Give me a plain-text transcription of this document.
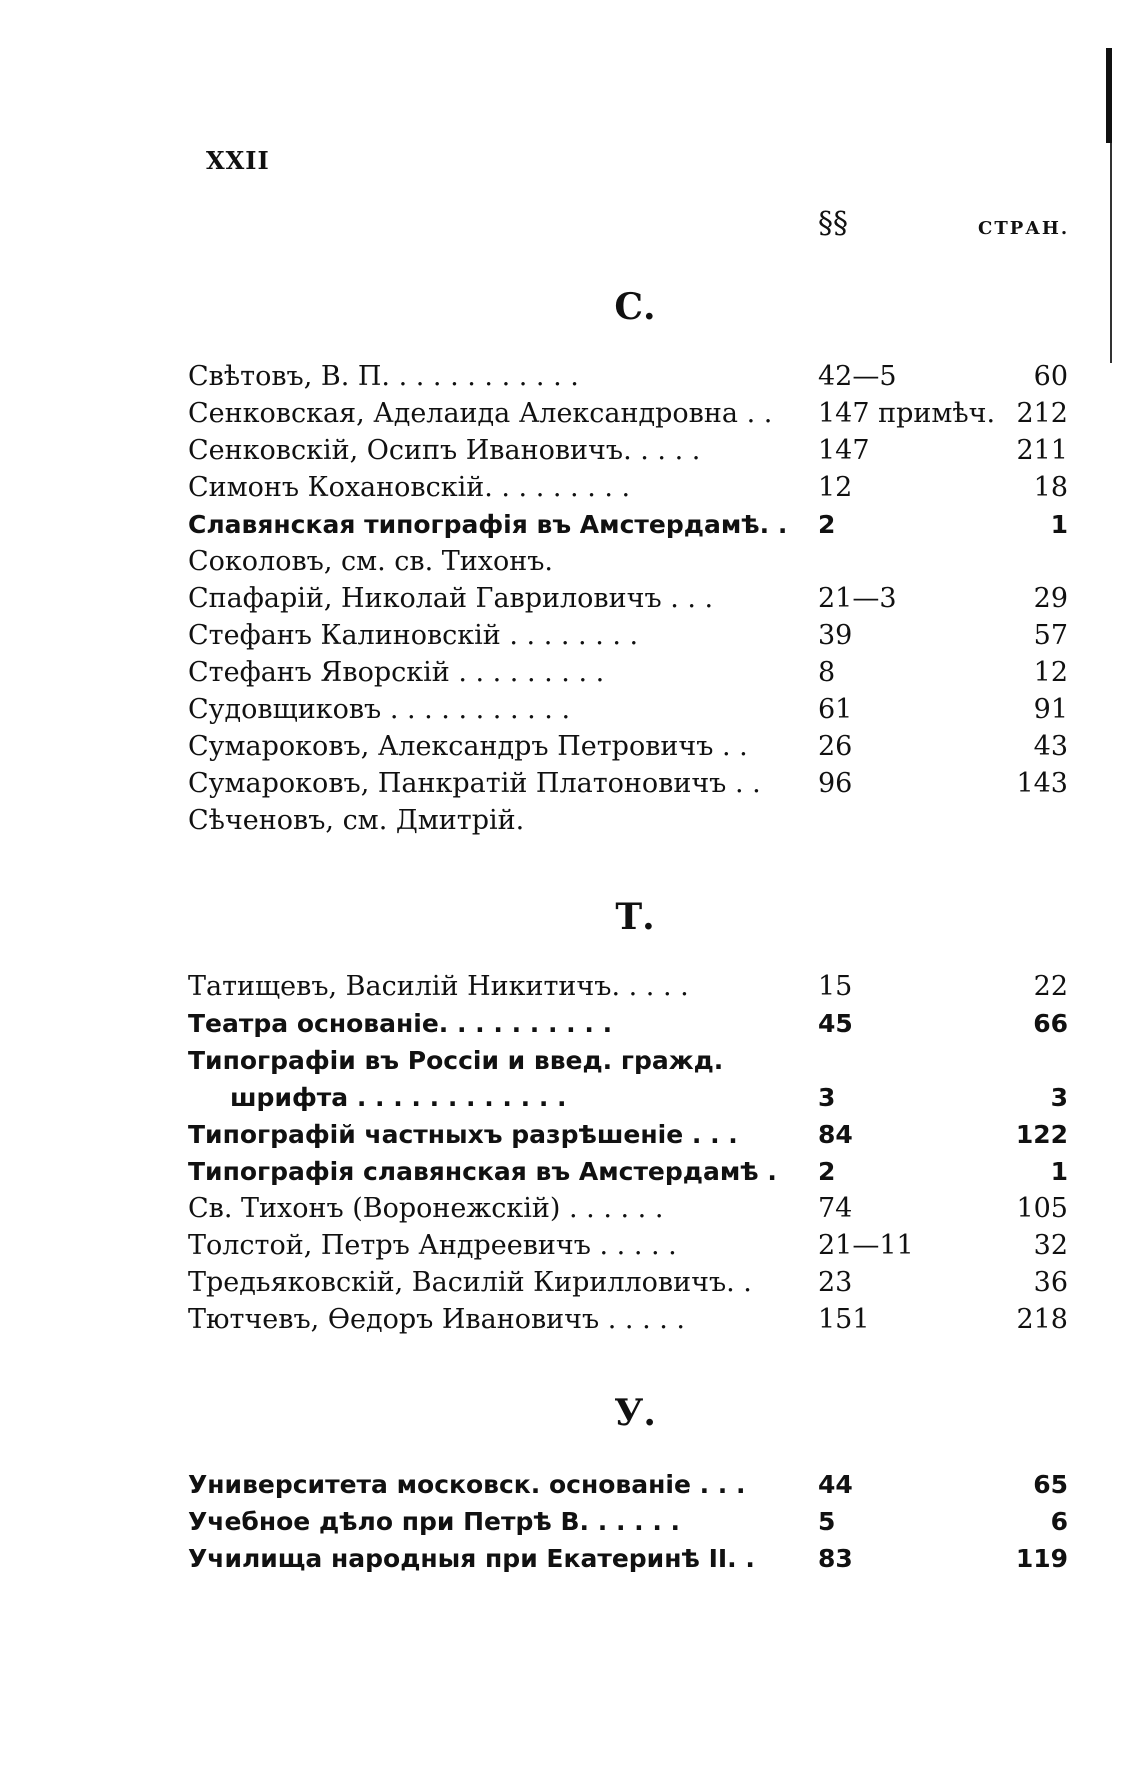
XXII
§§	СТРАН.
С.
Свѣтовъ, В. П. . . . . . . . . . . .	42—5	60
Сенковская, Аделаида Александровна . .	147 примѣч. 212
Сенковскій, Осипъ Ивановичъ. . . . .	147	211
Симонъ Кохановскій. . . . . . . . .	12	18
Славянская типографія въ Амстердамѣ. .	2	1
Соколовъ, см. св. Тихонъ.
Спафарій, Николай Гавриловичъ . . .	21—3	29
Стефанъ Калиновскій . . . . . . . .	39	57
Стефанъ Яворскій . . . . . . . . .	8	12
Судовщиковъ . . . . . . . . . . .	61	91
Сумароковъ, Александръ Петровичъ . .	26	43
Сумароковъ, Панкратій Платоновичъ . .	96	143
Сѣченовъ, см. Дмитрій.
Т.
Татищевъ, Василій Никитичъ. . . . .	15	22
Театра основаніе. . . . . . . . . .	45	66
Типографіи въ Россіи и введ. гражд.
шрифта . . . . . . . . . . . .	3	3
Типографій частныхъ разрѣшеніе . . .	84	122
Типографія славянская въ Амстердамѣ .	2	1
Св. Тихонъ (Воронежскій) . . . . . .	74	105
Толстой, Петръ Андреевичъ . . . . .	21—11	32
Тредьяковскій, Василій Кирилловичъ. .	23	36
Тютчевъ, Ѳедоръ Ивановичъ . . . . .	151	218
У.
Университета московск. основаніе . . .	44	65
Учебное дѣло при Петрѣ В. . . . . .	5	6
Училища народныя при Екатеринѣ II. .	83	119
